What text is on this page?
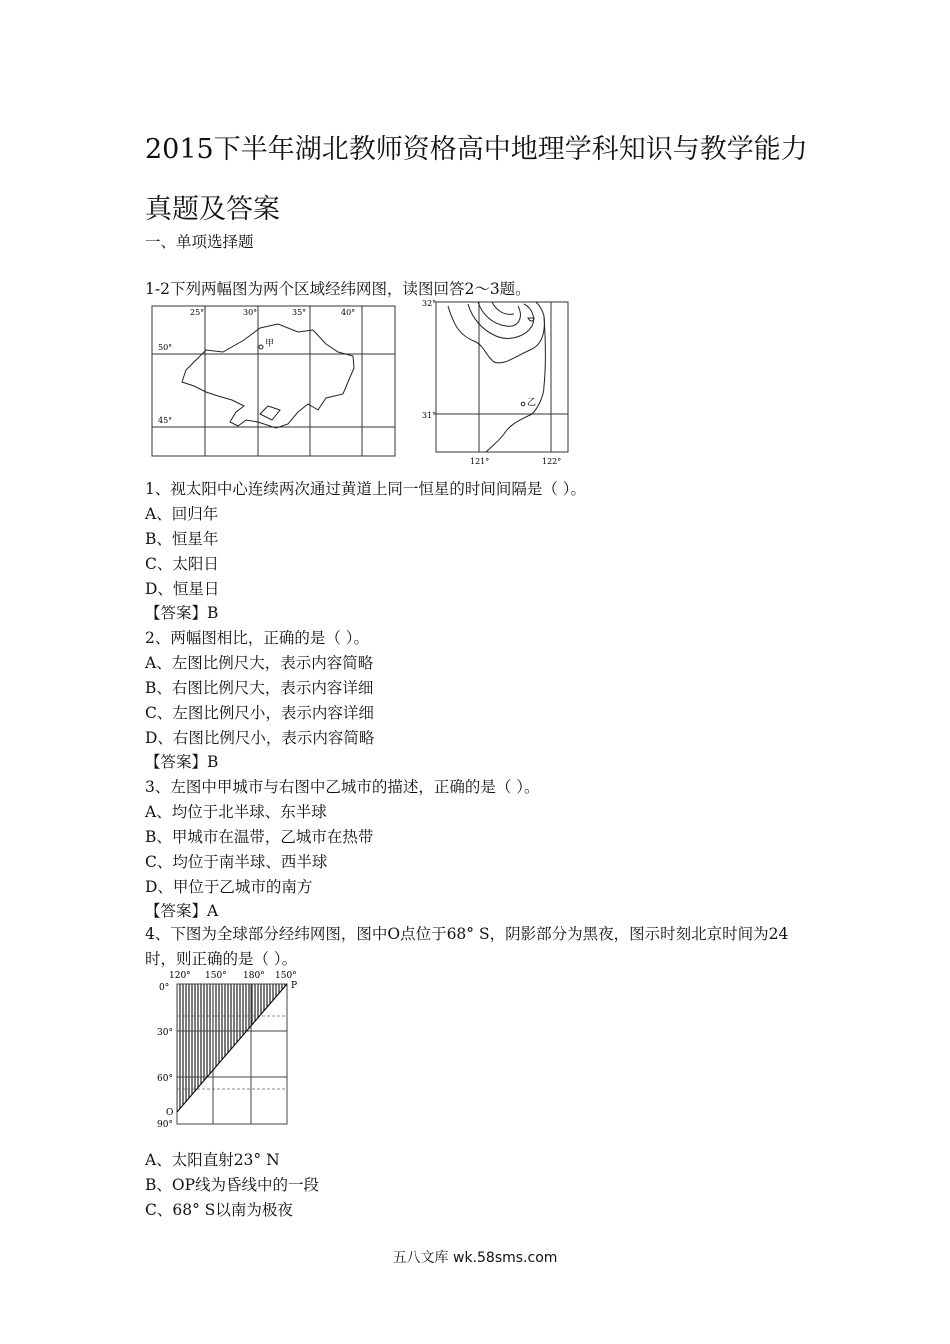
2015下半年湖北教师资格高中地理学科知识与教学能力真题及答案
一、单项选择题
1-2下列两幅图为两个区域经纬网图，读图回答2～3题。
甲
25°	30°	35°	40°
50°
45°
乙
32°
31°
121°	122°
1、视太阳中心连续两次通过黄道上同一恒星的时间间隔是（ ）。
A、回归年
B、恒星年
C、太阳日
D、恒星日
【答案】B
2、两幅图相比，正确的是（ ）。
A、左图比例尺大，表示内容简略
B、右图比例尺大，表示内容详细
C、左图比例尺小，表示内容详细
D、右图比例尺小，表示内容简略
【答案】B
3、左图中甲城市与右图中乙城市的描述，正确的是（ ）。
A、均位于北半球、东半球
B、甲城市在温带，乙城市在热带
C、均位于南半球、西半球
D、甲位于乙城市的南方
【答案】A
4、下图为全球部分经纬网图，图中O点位于68° S，阴影部分为黑夜，图示时刻北京时间为24时，则正确的是（ ）。
120° 150° 180° 150°
P
0°
30°
60°
O
90°
A、太阳直射23° N
B、OP线为昏线中的一段
C、68° S以南为极夜
五八文库 wk.58sms.com
